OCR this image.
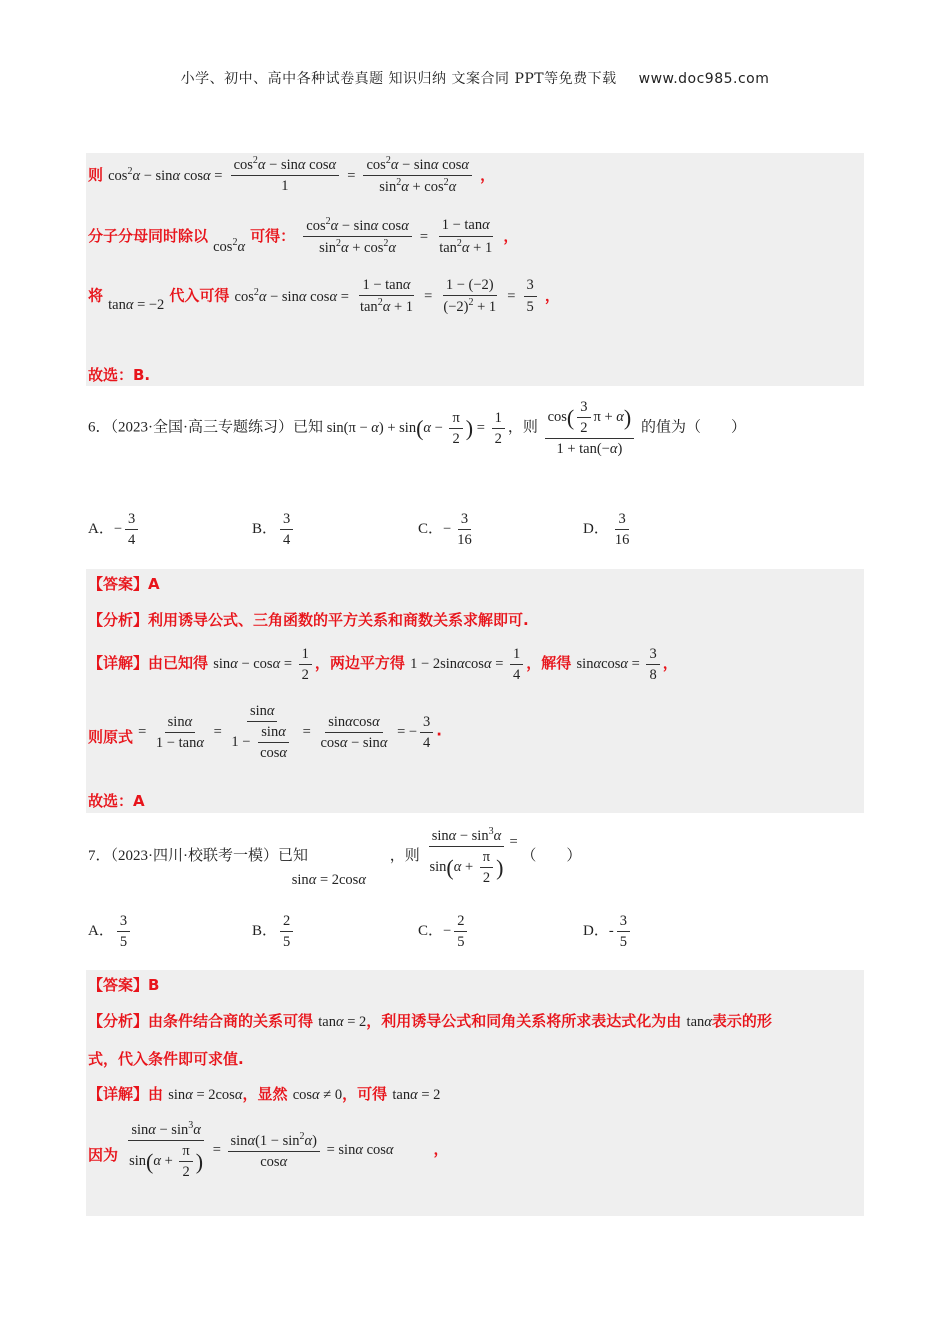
小学、初中、高中各种试卷真题 知识归纳 文案合同 PPT等免费下载 www.doc985.com
则 $\cos^2\alpha - \sin\alpha$ $\cos\alpha = \frac{\cos^2\alpha - \sin\alpha \cos\alpha}{1} = \frac{\cos^2\alpha - \sin\alpha \cos\alpha}{\sin^2\alpha + \cos^2\alpha}$ ，
分子分母同时除以 $\cos^2\alpha$ 可得： $\frac{\cos^2\alpha - \sin\alpha \cos\alpha}{\sin^2\alpha + \cos^2\alpha} = \frac{1 - \tan\alpha}{\tan^2\alpha + 1}$ ，
将 tanα = −2 代入可得 $\cos^2\alpha - \sin\alpha$ $\cos\alpha = \frac{1 - \tan\alpha}{\tan^2\alpha + 1} = \frac{1 - (-2)}{(-2)^2 + 1} = \frac{3}{5}$ ，
故选：B.
6．（2023·全国·高三专题练习）已知 $\sin(\pi - \alpha) + \sin(\alpha - \frac{\pi}{2}$ ) = $\frac{1}{2}$ ，则 $\frac{\cos( \frac{3}{2} \pi + \alpha)}{1 + \tan(-\alpha)}$ 的值为（　　）
A．− $\frac{3}{4}$	B． $\frac{3}{4}$	C．− $\frac{3}{16}$	D． $\frac{3}{16}$
【答案】A
【分析】利用诱导公式、三角函数的平方关系和商数关系求解即可.
【详解】由已知得 $\sin\alpha - \cos\alpha = \frac{1}{2}$ ，两边平方得 $1 - 2\sin\alpha\cos\alpha = \frac{1}{4}$ ，解得 $\sin\alpha\cos\alpha = \frac{3}{8}$ ，
则原式 = $\frac{\sin\alpha}{1 - \tan\alpha} = \frac{\sin\alpha}{1 - \frac{\sin\alpha}{\cos\alpha}} = \frac{\sin\alpha\cos\alpha}{\cos\alpha - \sin\alpha}$ = − $\frac{3}{4}$ .
故选：A
7．（2023·四川·校联考一模）已知 sinα = 2cosα ，则 $\frac{\sin\alpha - \sin^3\alpha}{\sin(\alpha + \frac{\pi}{2} )}$ = （　　）
A． $\frac{3}{5}$	B． $\frac{2}{5}$	C．− $\frac{2}{5}$	D．- $\frac{3}{5}$
【答案】B
【分析】由条件结合商的关系可得 tanα = 2，利用诱导公式和同角关系将所求表达式化为由 tanα表示的形
式，代入条件即可求值.
【详解】由 sinα = 2cosα，显然 cosα ≠ 0，可得 tanα = 2
因为 $\frac{\sin\alpha - \sin^3\alpha}{\sin(\alpha + \frac{\pi}{2} )} = \frac{\sin\alpha(1 - \sin^2\alpha)}{\cos\alpha} = \sin\alpha$ cosα	，
